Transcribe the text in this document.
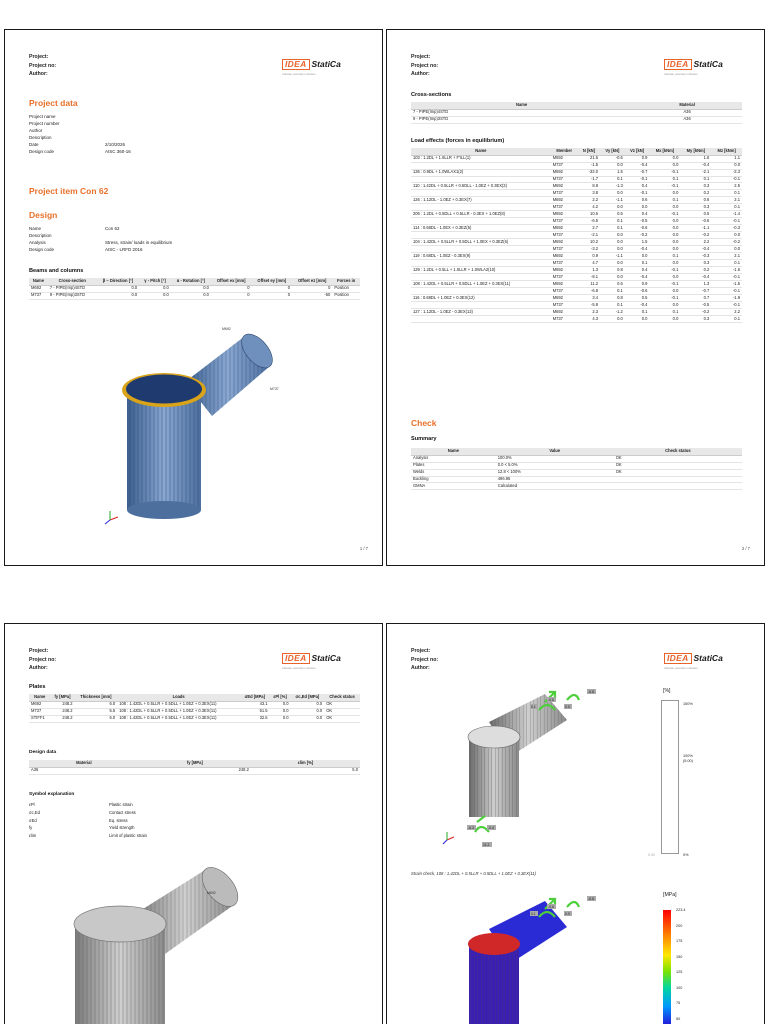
Project:
Project no:
Author:
IDEA StatiCa
Calculate yesterday's estimates
Project data
Project name
Project number
Author
Description
Date	2/10/2026
Design code	AISC 360-16
Project item Con 62
Design
Name	Con 62
Description
Analysis	Stress, strain/ loads in equilibrium
Design code	AISC - LRFD 2016
Beams and columns
Name	Cross-section	β – Direction [°]	γ - Pitch [°]	α - Rotation [°]	Offset ex [mm]	Offset ey [mm]	Offset ez [mm]	Forces in
M692	7 - PIPE(Imp)4STD	0.0	0.0	0.0	0	0	0	Position
M737	9 - PIPE(Imp)3STD	0.0	0.0	0.0	0	0	-50	Position
M692
M737
1 / 7
Project:
Project no:
Author:
IDEA StatiCa
Calculate yesterday's estimates
Cross-sections
Name	Material
7 - PIPE(Imp)4STD	A36
9 - PIPE(Imp)3STD	A36
Load effects (forces in equilibrium)
Name	Member	N [kN]	Vy [kN]	Vz [kN]	Mx [kNm]	My [kNm]	Mz [kNm]
103 : 1.2DL + 1.6LLR + F'ILL(1)	M692	21.5	-0.6	0.9	0.0	1.6	1.1
	M737	-1.5	0.0	-0.4	0.0	-0.4	0.0
136 : 0.9DL + 1.0WLAX1(2)	M692	-33.0	1.5	-0.7	-0.1	-2.1	-3.3
	M737	-1.7	0.1	-0.1	0.1	0.1	-0.1
110 : 1.42DL + 0.5LLR + 0.5DLL - 1.0EZ + 0.3EX(3)	M692	8.8	-1.3	0.4	-0.1	0.3	2.5
	M737	3.8	0.0	-0.1	0.0	0.2	0.1
126 : 1.12DL - 1.0EZ + 0.3EX(7)	M692	2.2	-1.1	0.6	0.1	0.6	2.1
	M737	4.2	0.0	0.0	0.0	0.3	0.1
206 : 1.2DL + 0.5DLL + 0.5LLR - 0.3EX + 1.0EZ(8)	M692	10.6	0.5	0.4	-0.1	0.5	-1.4
	M737	-6.5	0.1	-0.5	0.0	-0.6	-0.1
114 : 0.68DL - 1.0EX + 0.3EZ(5)	M692	2.7	0.1	-0.6	0.0	-1.1	-0.3
	M737	-2.1	0.0	-0.2	0.0	-0.2	0.0
104 : 1.42DL + 0.5LLR + 0.5DLL + 1.0EX + 0.3EZ(6)	M692	10.2	0.0	1.5	0.0	2.2	-0.2
	M737	-3.2	0.0	-0.4	0.0	-0.4	0.0
119 : 0.68DL - 1.0EZ - 0.3EX(9)	M692	0.9	-1.1	0.0	0.1	-0.3	2.1
	M737	4.7	0.0	0.1	0.0	0.3	0.1
129 : 1.2DL + 0.5LL + 1.0LLR + 1.0WLA2(10)	M692	1.3	0.8	0.4	-0.1	0.2	-1.6
	M737	-8.1	0.0	-0.4	0.0	-0.4	-0.1
108 : 1.42DL + 0.5LLR + 0.5DLL + 1.0EZ + 0.3EX(11)	M692	11.2	0.6	0.9	-0.1	1.3	-1.5
	M737	-6.8	0.1	-0.6	0.0	-0.7	-0.1
116 : 0.68DL + 1.0EZ + 0.3EX(12)	M692	3.4	0.8	0.5	-0.1	0.7	-1.9
	M737	-5.9	0.1	-0.4	0.0	-0.5	-0.1
127 : 1.12DL - 1.0EZ - 0.3EX(13)	M692	2.3	-1.2	0.1	0.1	-0.2	2.2
	M737	4.3	0.0	0.0	0.0	0.3	0.1
Check
Summary
Name	Value	Check status
Analysis	100.0%	OK
Plates	0.0 < 5.0%	OK
Welds	12.8 < 100%	OK
Buckling	496.95	
GMNA	Calculated	
2 / 7
Project:
Project no:
Author:
IDEA StatiCa
Calculate yesterday's estimates
Plates
Name	fy [MPa]	Thickness [mm]	Loads	σEd [MPa]	εPl [%]	σc,Ed [MPa]	Check status
M692	248.2	6.0	108 : 1.42DL + 0.5LLR + 0.5DLL + 1.0EZ + 0.3EX(11)	43.1	0.0	0.0	OK
M737	248.2	5.5	108 : 1.42DL + 0.5LLR + 0.5DLL + 1.0EZ + 0.3EX(11)	51.5	0.0	0.0	OK
STIFF1	248.2	6.0	108 : 1.42DL + 0.5LLR + 0.5DLL + 1.0EZ + 0.3EX(11)	32.6	0.0	0.0	OK
Design data
Material	fy [MPa]	εlim [%]
A36	248.2	5.0
Symbol explanation
εPl	Plastic strain
σc,Ed	Contact stress
σEd	Eq. stress
fy	Yield strength
εlim	Limit of plastic strain
M692
Project:
Project no:
Author:
IDEA StatiCa
Calculate yesterday's estimates
-6.8
0.1
-0.6
0.0
-6.3	-0.4
11.2
[%]
150%
100%
(5.00)
0%
0.00
Strain check, 108 : 1.42DL + 0.5LLR + 0.5DLL + 1.0EZ + 0.3EX(11)
-6.8
0.1
-0.6
0.0
[MPa]
223.4
200
175
150
125
100
75
50
